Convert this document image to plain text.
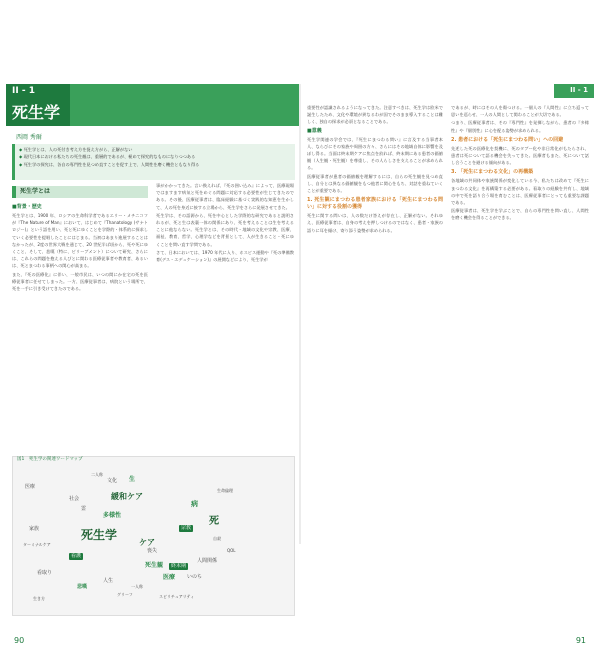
II - 1
死生学
西岡 秀爾
◆ 死生学とは、人の死付き考え方を捉え方がら、正解がない
◆ 現代日本における私たちの死生観は、重層的であるが、極めて探究的なものになりつつある
◆ 死生学の探究は、各自の専門性を見つめ直すことを促す上で、人間性を磨く機会ともなり得る
死生学とは
■背景・歴史

死生学とは、1900 年、ロシアの生命科学者であるエリー・メチニコフが『The Nature of Man』において、はじめて『Thanatology (サナトロジー)』という語を用い、死と死にゆくことを学際的・体系的に探求していく必要性を提唱したことにはじまる。当初はあまり進展することはなかったが、2度の世界大戦を通じて、20 世紀半ば頃から、死や死にゆくこと、そして、悲嘆（特に、ビリーブメント）について研究、さらには、これらの問題を抱える人びとに関わる医療従事者や教育者、あるいは、死とまつわる事柄への関心が高まる。

また、『死の医療化』に伴い、一般市民は、いつの間にか在宅の死を医療従事者に任せてしまった。一方、医療従事者は、病院という場所で、死を一手に引き受けてきたのである。

事がかかってきた。言い換えれば、『死の囲い込み』によって、医療現場ではますます病気と死をめぐる問題に対応する必要性が生じてきたのである。その後、医療従事者は、臨床経験に基づく実践的な知恵を生かして、人の死を身近に接する立場から、死生学をさらに発展させてきた。

死生学は、その語源から、死を中心とした学際的な研究であると説明されるが、死と生は表裏一体の関係にあり、死を考えることは生を考えることに他ならない。死生学とは、その時代・地域の文化や宗教、医療、福祉、教育、哲学、心理学などを背景として、人が生きること・死にゆくことを問い直す学問である。

さて、日本においては、1970 年代に入り、ホスピス運動や『死の準備教育(デス・エデュケーション)』の展開などにより、死生学が

図1　死生学の関連ワードマップ
死生学
緩和ケア
ケア
死
病
文化 生
医療
二人称
社会
霊
多様性
家族
ターミナルケア
看護
宗教
死生観	終末期
人間関係
いのち
喪失
医療
自殺
生命倫理
QOL
看取り
悲嘆
人生
グリーフ	スピリチュアリティ
一人称
生き方
90
II - 1

重要性が認識されるようになってきた。注意すべきは、死生学は欧米で誕生したため、文化や環境が異なるわが国でそのまま導入することは難しく、独自の探求が必須となることである。

■意義

死生学関連の学会では、『死生にまつわる問い』に言及する当事者本人、ならびにその家族や周囲の方々、さらにはその地域自体に影響を及ぼし得る。当面は終末期ケアに焦点を絞れば、終末期にある患者の価値観（人生観・死生観）を尊重し、その人らしさを支えることが求められる。

医療従事者が患者の価値観を理解するには、自らの死生観を見つめ直し、自分とは異なる価値観をもつ他者に関心をもち、対話を重ねていくことが重要である。

1. 死生観にまつわる患者家族における「死生にまつわる問い」に対する役割の獲得

死生に関する問いは、人の数だけ答えが存在し、正解がない。それゆえ、医療従事者は、自身の考えを押しつけるのではなく、患者・家族の語りに耳を傾け、寄り添う姿勢が求められる。

であるが、時にはその人を傷つける。一個人の『人間性』に立ち返って思いを巡らせ、一人の人間として関わることが大切である。

つまり、医療従事者は、その『専門性』を発揮しながら、患者の『多様性』や『個別性』に心を配る姿勢が求められる。

2. 患者における「死生にまつわる問い」への回避

先述した死の医療化を契機に、死のタブー化や非日常化がもたらされ、患者は死について語る機会を失ってきた。医療者もまた、死について話し合うことを避ける傾向がある。

3. 「死生にまつわる文化」の再構築

各地域の共同体や家族関係が変化している今、私たちは改めて『死生にまつわる文化』を再構築する必要がある。看取りの経験を共有し、地域の中で死を語り合う場を育むことは、医療従事者にとっても重要な課題である。

医療従事者は、死生学を学ぶことで、自らの専門性を問い直し、人間性を磨く機会を得ることができる。

91
